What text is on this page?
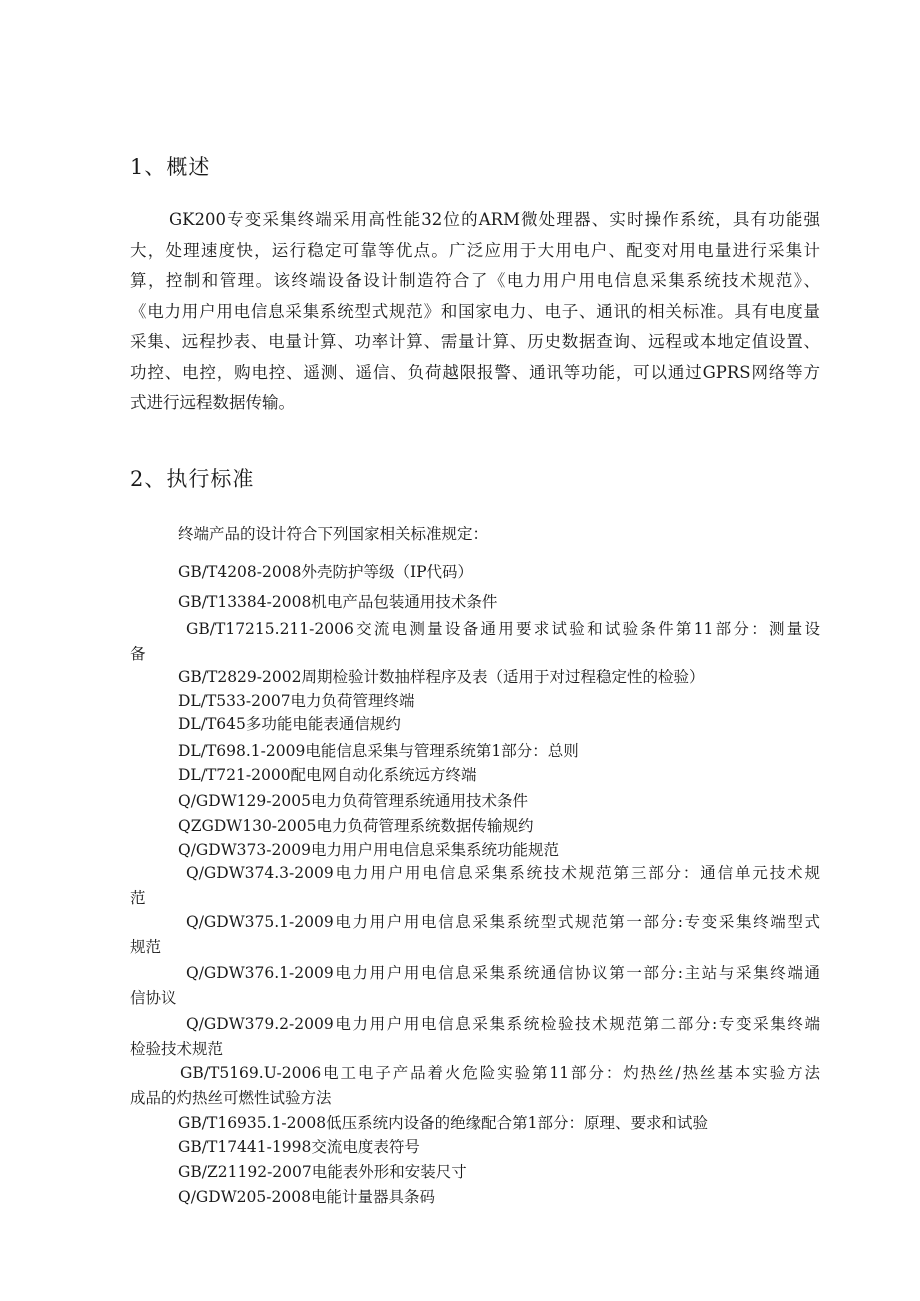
1、概述

GK200专变采集终端采用高性能32位的ARM微处理器、实时操作系统，具有功能强
大，处理速度快，运行稳定可靠等优点。广泛应用于大用电户、配变对用电量进行采集计
算，控制和管理。该终端设备设计制造符合了《电力用户用电信息采集系统技术规范》、
《电力用户用电信息采集系统型式规范》和国家电力、电子、通讯的相关标准。具有电度量
采集、远程抄表、电量计算、功率计算、需量计算、历史数据查询、远程或本地定值设置、
功控、电控，购电控、遥测、遥信、负荷越限报警、通讯等功能，可以通过GPRS网络等方
式进行远程数据传输。

2、执行标准
终端产品的设计符合下列国家相关标准规定：
GB/T4208-2008外壳防护等级（IP代码）
GB/T13384-2008机电产品包装通用技术条件
GB/T17215.211-2006交流电测量设备通用要求试验和试验条件第11部分：测量设
备
GB/T2829-2002周期检验计数抽样程序及表（适用于对过程稳定性的检验）
DL/T533-2007电力负荷管理终端
DL/T645多功能电能表通信规约
DL/T698.1-2009电能信息采集与管理系统第1部分：总则
DL/T721-2000配电网自动化系统远方终端
Q/GDW129-2005电力负荷管理系统通用技术条件
QZGDW130-2005电力负荷管理系统数据传输规约
Q/GDW373-2009电力用户用电信息采集系统功能规范
Q/GDW374.3-2009电力用户用电信息采集系统技术规范第三部分：通信单元技术规
范
Q/GDW375.1-2009电力用户用电信息采集系统型式规范第一部分:专变采集终端型式
规范
Q/GDW376.1-2009电力用户用电信息采集系统通信协议第一部分:主站与采集终端通
信协议
Q/GDW379.2-2009电力用户用电信息采集系统检验技术规范第二部分:专变采集终端
检验技术规范
GB/T5169.U-2006电工电子产品着火危险实验第11部分：灼热丝/热丝基本实验方法
成品的灼热丝可燃性试验方法
GB/T16935.1-2008低压系统内设备的绝缘配合第1部分：原理、要求和试验
GB/T17441-1998交流电度表符号
GB/Z21192-2007电能表外形和安装尺寸
Q/GDW205-2008电能计量器具条码
